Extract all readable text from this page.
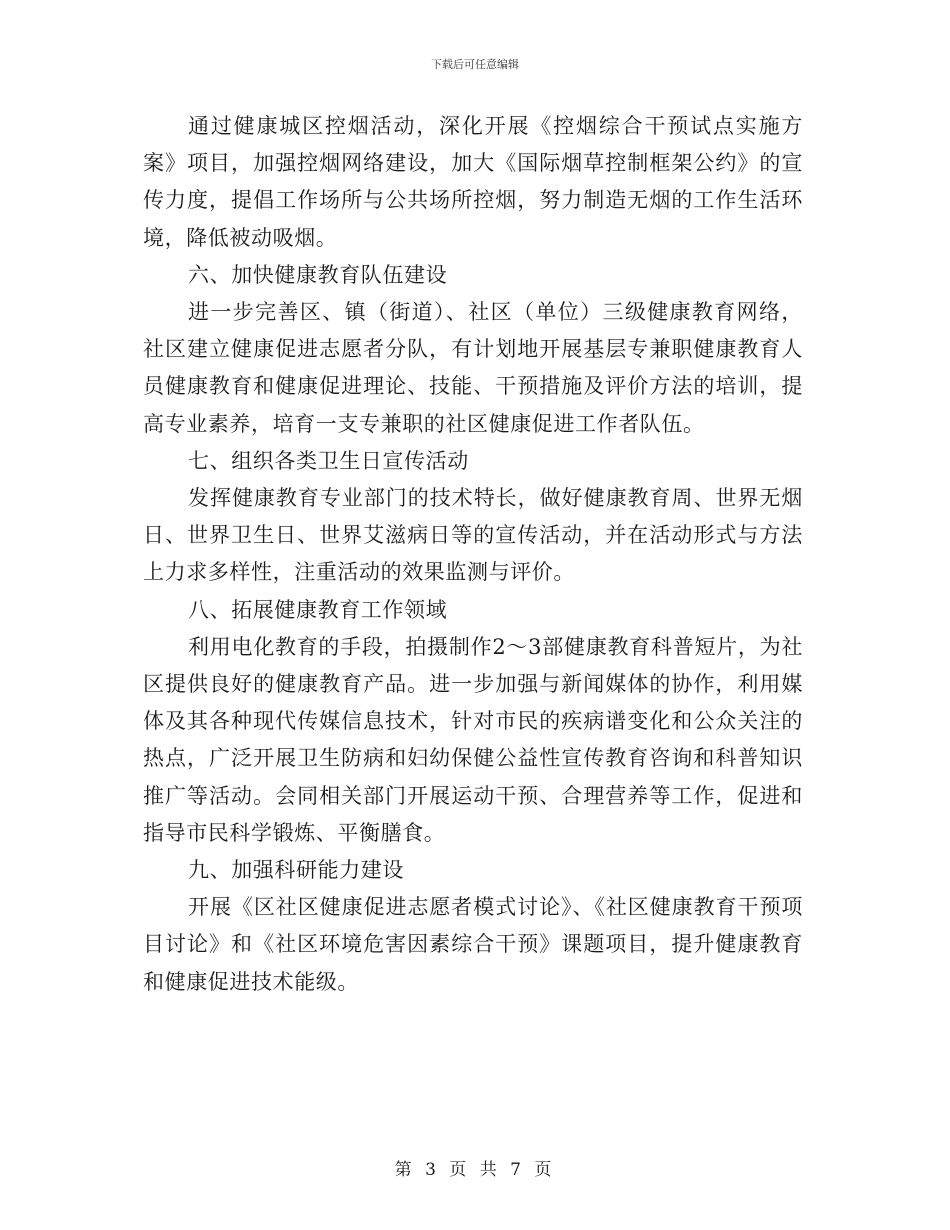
下载后可任意编辑

通过健康城区控烟活动，深化开展《控烟综合干预试点实施方案》项目，加强控烟网络建设，加大《国际烟草控制框架公约》的宣传力度，提倡工作场所与公共场所控烟，努力制造无烟的工作生活环境，降低被动吸烟。

六、加快健康教育队伍建设

进一步完善区、镇（街道）、社区（单位）三级健康教育网络，社区建立健康促进志愿者分队，有计划地开展基层专兼职健康教育人员健康教育和健康促进理论、技能、干预措施及评价方法的培训，提高专业素养，培育一支专兼职的社区健康促进工作者队伍。

七、组织各类卫生日宣传活动

发挥健康教育专业部门的技术特长，做好健康教育周、世界无烟日、世界卫生日、世界艾滋病日等的宣传活动，并在活动形式与方法上力求多样性，注重活动的效果监测与评价。

八、拓展健康教育工作领域

利用电化教育的手段，拍摄制作2～3部健康教育科普短片，为社区提供良好的健康教育产品。进一步加强与新闻媒体的协作，利用媒体及其各种现代传媒信息技术，针对市民的疾病谱变化和公众关注的热点，广泛开展卫生防病和妇幼保健公益性宣传教育咨询和科普知识推广等活动。会同相关部门开展运动干预、合理营养等工作，促进和指导市民科学锻炼、平衡膳食。

九、加强科研能力建设

开展《区社区健康促进志愿者模式讨论》、《社区健康教育干预项目讨论》和《社区环境危害因素综合干预》课题项目，提升健康教育和健康促进技术能级。

第 3 页 共 7 页
